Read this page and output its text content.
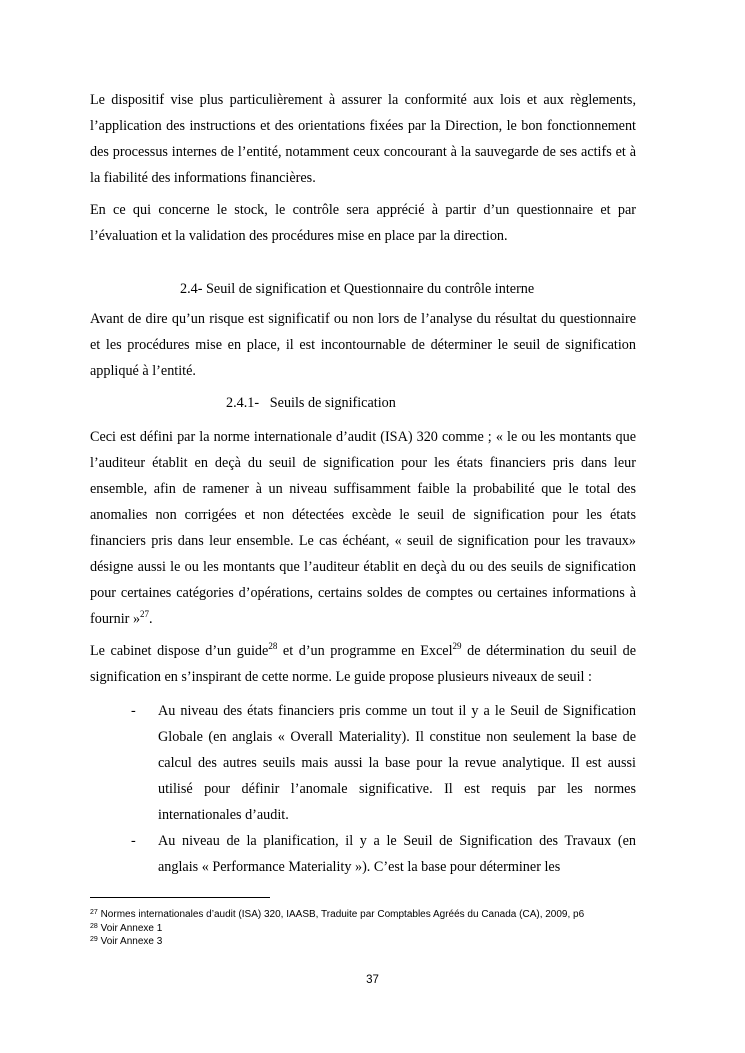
Le dispositif vise plus particulièrement à assurer la conformité aux lois et aux règlements, l’application des instructions et des orientations fixées par la Direction, le bon fonctionnement des processus internes de l’entité, notamment ceux concourant à la sauvegarde de ses actifs et à la fiabilité des informations financières.

En ce qui concerne le stock, le contrôle sera apprécié à partir d’un questionnaire et par l’évaluation et la validation des procédures mise en place par la direction.

2.4- Seuil de signification et Questionnaire du contrôle interne

Avant de dire qu’un risque est significatif ou non lors de l’analyse du résultat du questionnaire et les procédures mise en place, il est incontournable de déterminer le seuil de signification appliqué à l’entité.

2.4.1- Seuils de signification

Ceci est défini par la norme internationale d’audit (ISA) 320 comme ; « le ou les montants que l’auditeur établit en deçà du seuil de signification pour les états financiers pris dans leur ensemble, afin de ramener à un niveau suffisamment faible la probabilité que le total des anomalies non corrigées et non détectées excède le seuil de signification pour les états financiers pris dans leur ensemble. Le cas échéant, « seuil de signification pour les travaux» désigne aussi le ou les montants que l’auditeur établit en deçà du ou des seuils de signification pour certaines catégories d’opérations, certains soldes de comptes ou certaines informations à fournir »$^{27}$.

Le cabinet dispose d’un guide$^{28}$ et d’un programme en Excel$^{29}$ de détermination du seuil de signification en s’inspirant de cette norme. Le guide propose plusieurs niveaux de seuil :

- Au niveau des états financiers pris comme un tout il y a le Seuil de Signification Globale (en anglais « Overall Materiality). Il constitue non seulement la base de calcul des autres seuils mais aussi la base pour la revue analytique. Il est aussi utilisé pour définir l’anomale significative. Il est requis par les normes internationales d’audit.
- Au niveau de la planification, il y a le Seuil de Signification des Travaux (en anglais « Performance Materiality »). C’est la base pour déterminer les
$^{27}$ Normes internationales d’audit (ISA) 320, IAASB, Traduite par Comptables Agréés du Canada (CA), 2009, p6
$^{28}$ Voir Annexe 1
$^{29}$ Voir Annexe 3
37
